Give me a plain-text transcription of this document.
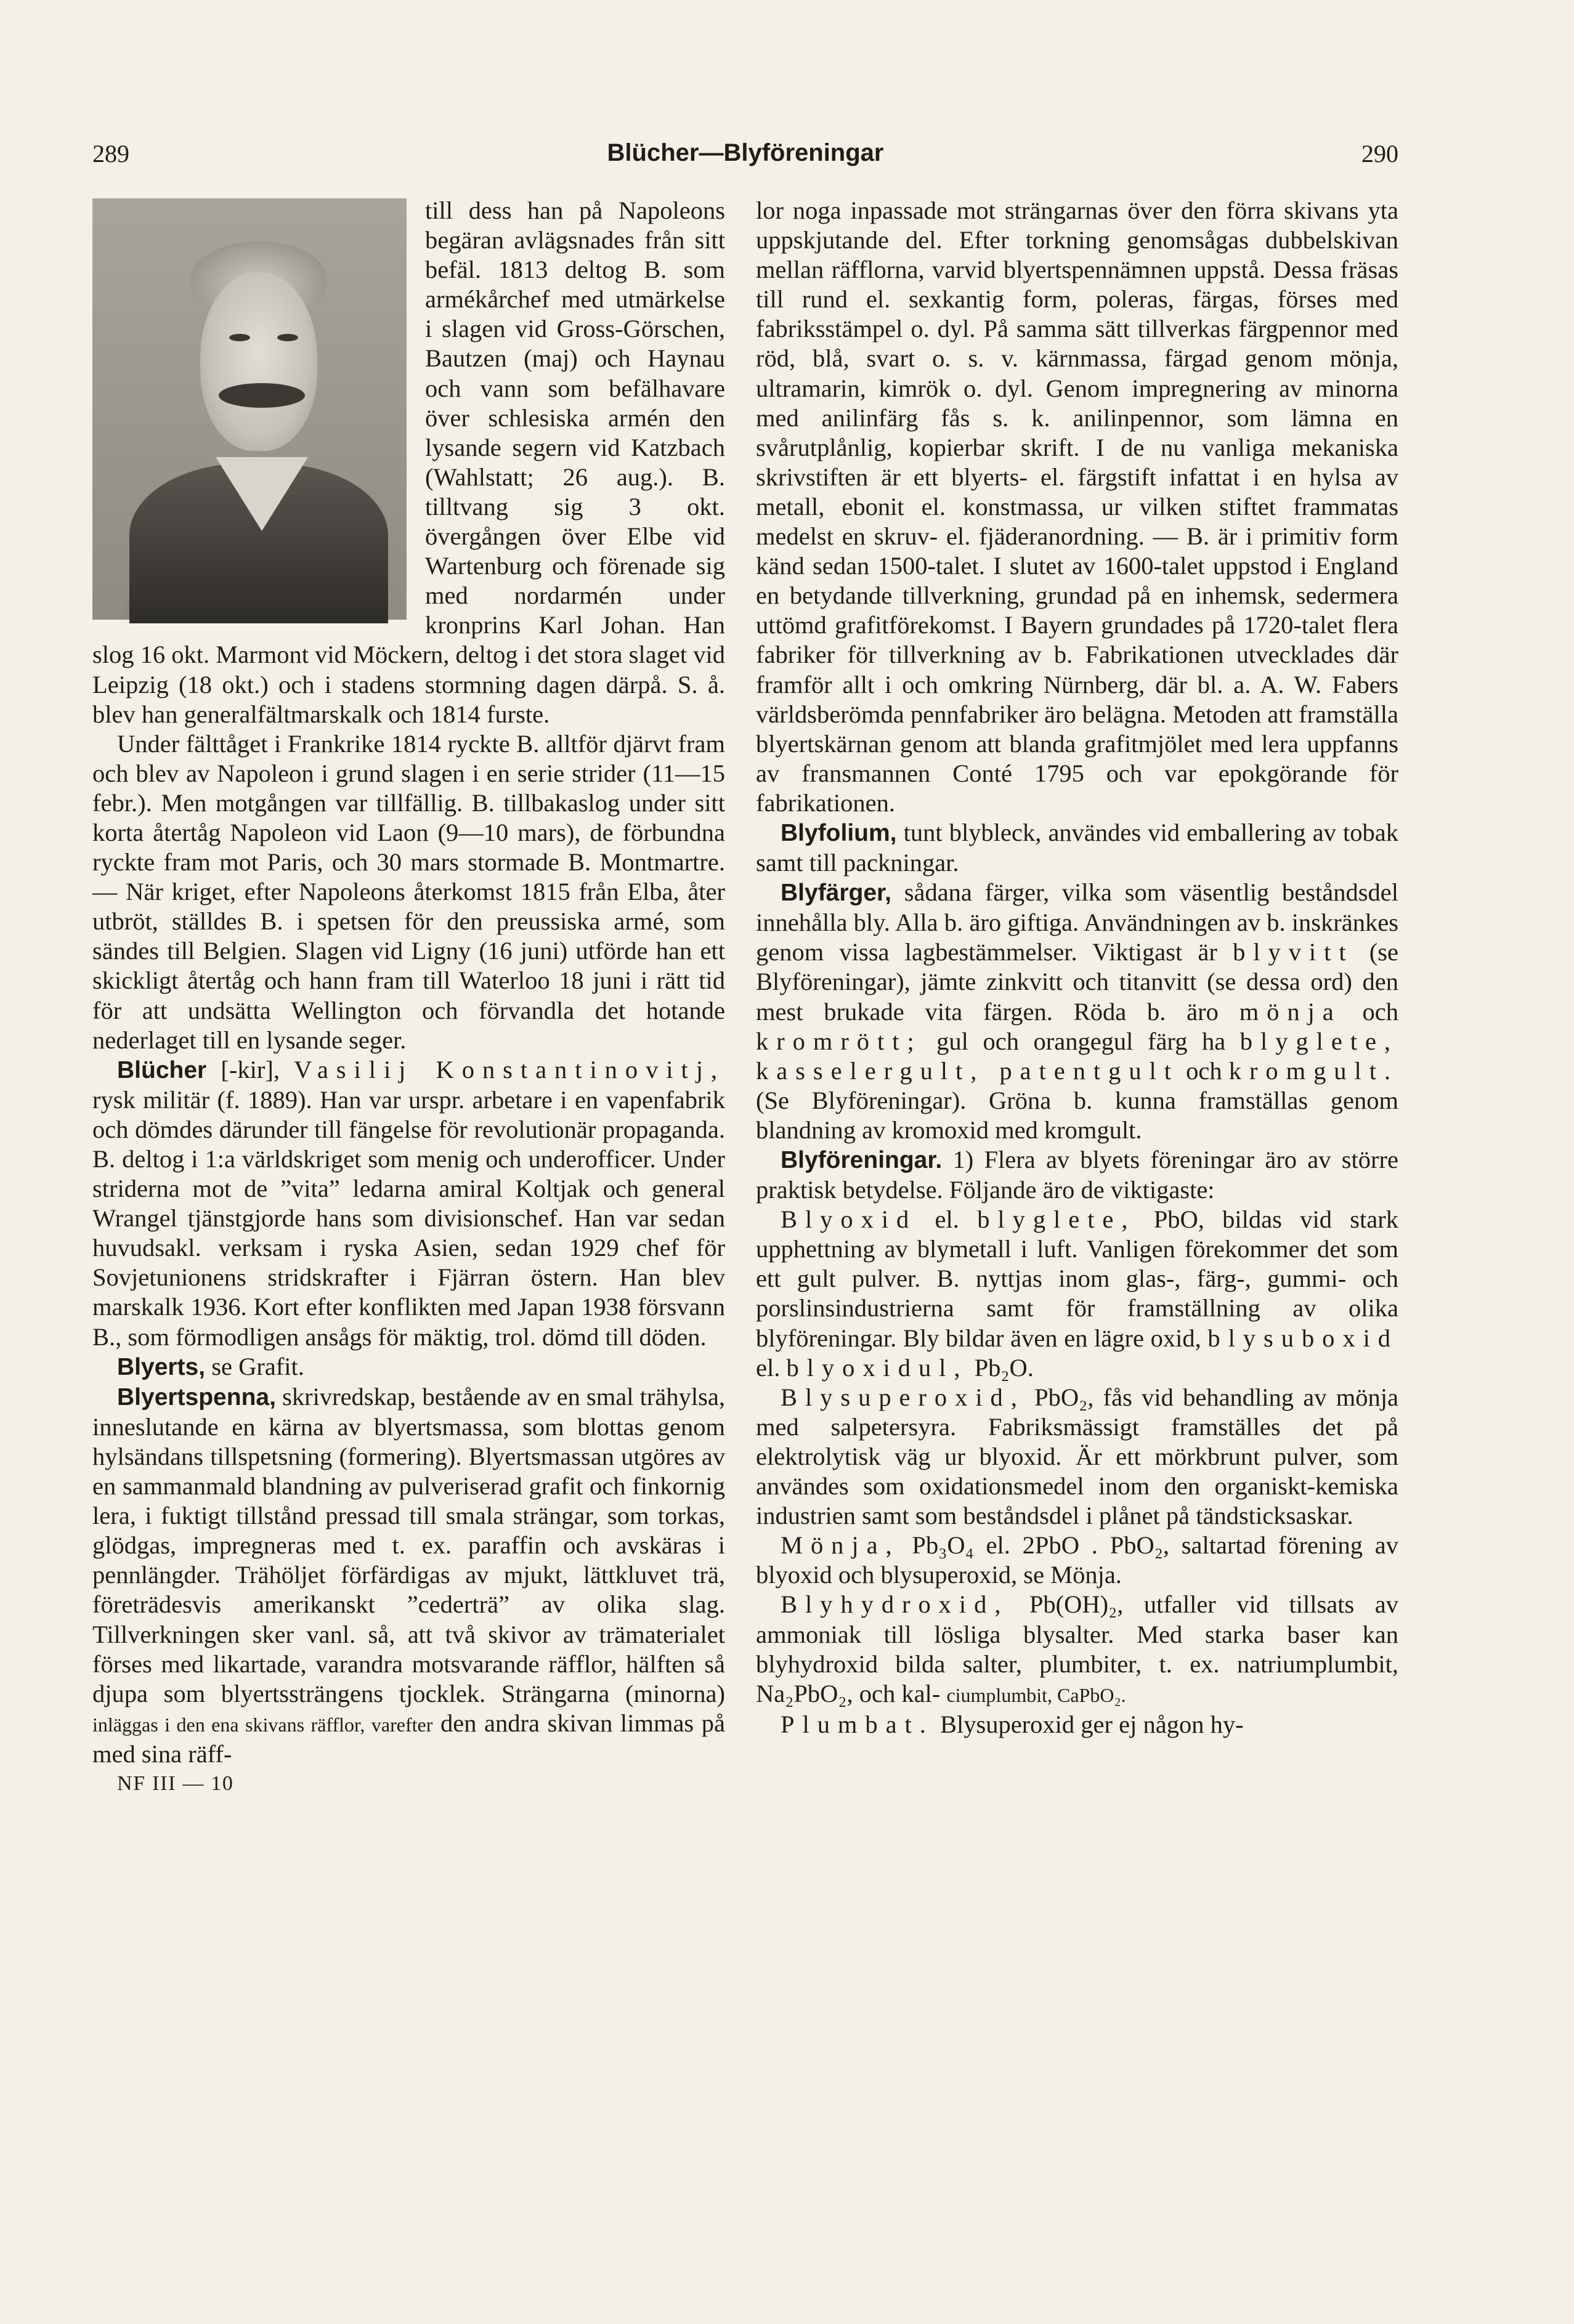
289	Blücher—Blyföreningar	290

till dess han på Napoleons begäran avlägsnades från sitt befäl. 1813 deltog B. som armékårchef med utmärkelse i slagen vid Gross-Görschen, Bautzen (maj) och Haynau och vann som befälhavare över schlesiska armén den lysande segern vid Katzbach (Wahlstatt; 26 aug.). B. tilltvang sig 3 okt. övergången över Elbe vid Wartenburg och förenade sig med nordarmén under kronprins Karl Johan. Han slog 16 okt. Marmont vid Möckern, deltog i det stora slaget vid Leipzig (18 okt.) och i stadens stormning dagen därpå. S. å. blev han generalfältmarskalk och 1814 furste.

Under fälttåget i Frankrike 1814 ryckte B. alltför djärvt fram och blev av Napoleon i grund slagen i en serie strider (11—15 febr.). Men motgången var tillfällig. B. tillbakaslog under sitt korta återtåg Napoleon vid Laon (9—10 mars), de förbundna ryckte fram mot Paris, och 30 mars stormade B. Montmartre. — När kriget, efter Napoleons återkomst 1815 från Elba, åter utbröt, ställdes B. i spetsen för den preussiska armé, som sändes till Belgien. Slagen vid Ligny (16 juni) utförde han ett skickligt återtåg och hann fram till Waterloo 18 juni i rätt tid för att undsätta Wellington och förvandla det hotande nederlaget till en lysande seger.

Blücher [-kir], Vasilij Konstantinovitj, rysk militär (f. 1889). Han var urspr. arbetare i en vapenfabrik och dömdes därunder till fängelse för revolutionär propaganda. B. deltog i 1:a världskriget som menig och underofficer. Under striderna mot de ”vita” ledarna amiral Koltjak och general Wrangel tjänstgjorde hans som divisionschef. Han var sedan huvudsakl. verksam i ryska Asien, sedan 1929 chef för Sovjetunionens stridskrafter i Fjärran östern. Han blev marskalk 1936. Kort efter konflikten med Japan 1938 försvann B., som förmodligen ansågs för mäktig, trol. dömd till döden.

Blyerts, se Grafit.

Blyertspenna, skrivredskap, bestående av en smal trähylsa, inneslutande en kärna av blyertsmassa, som blottas genom hylsändans tillspetsning (formering). Blyertsmassan utgöres av en sammanmald blandning av pulveriserad grafit och finkornig lera, i fuktigt tillstånd pressad till smala strängar, som torkas, glödgas, impregneras med t. ex. paraffin och avskäras i pennlängder. Trähöljet förfärdigas av mjukt, lättkluvet trä, företrädesvis amerikanskt ”cederträ” av olika slag. Tillverkningen sker vanl. så, att två skivor av trämaterialet förses med likartade, varandra motsvarande räfflor, hälften så djupa som blyertssträngens tjocklek. Strängarna (minorna) inläggas i den ena skivans räfflor, varefter den andra skivan limmas på med sina räff-

NF III — 10

lor noga inpassade mot strängarnas över den förra skivans yta uppskjutande del. Efter torkning genomsågas dubbelskivan mellan räfflorna, varvid blyertspennämnen uppstå. Dessa fräsas till rund el. sexkantig form, poleras, färgas, förses med fabriksstämpel o. dyl. På samma sätt tillverkas färgpennor med röd, blå, svart o. s. v. kärnmassa, färgad genom mönja, ultramarin, kimrök o. dyl. Genom impregnering av minorna med anilinfärg fås s. k. anilinpennor, som lämna en svårutplånlig, kopierbar skrift. I de nu vanliga mekaniska skrivstiften är ett blyerts- el. färgstift infattat i en hylsa av metall, ebonit el. konstmassa, ur vilken stiftet frammatas medelst en skruv- el. fjäderanordning. — B. är i primitiv form känd sedan 1500-talet. I slutet av 1600-talet uppstod i England en betydande tillverkning, grundad på en inhemsk, sedermera uttömd grafitförekomst. I Bayern grundades på 1720-talet flera fabriker för tillverkning av b. Fabrikationen utvecklades där framför allt i och omkring Nürnberg, där bl. a. A. W. Fabers världsberömda pennfabriker äro belägna. Metoden att framställa blyertskärnan genom att blanda grafitmjölet med lera uppfanns av fransmannen Conté 1795 och var epokgörande för fabrikationen.

Blyfolium, tunt blybleck, användes vid emballering av tobak samt till packningar.

Blyfärger, sådana färger, vilka som väsentlig beståndsdel innehålla bly. Alla b. äro giftiga. Användningen av b. inskränkes genom vissa lagbestämmelser. Viktigast är blyvitt (se Blyföreningar), jämte zinkvitt och titanvitt (se dessa ord) den mest brukade vita färgen. Röda b. äro mönja och kromrött; gul och orangegul färg ha blyglete, kasselergult, patentgult och kromgult. (Se Blyföreningar). Gröna b. kunna framställas genom blandning av kromoxid med kromgult.

Blyföreningar. 1) Flera av blyets föreningar äro av större praktisk betydelse. Följande äro de viktigaste:

Blyoxid el. blyglete, PbO, bildas vid stark upphettning av blymetall i luft. Vanligen förekommer det som ett gult pulver. B. nyttjas inom glas-, färg-, gummi- och porslinsindustrierna samt för framställning av olika blyföreningar. Bly bildar även en lägre oxid, blysuboxid el. blyoxidul, Pb₂O.

Blysuperoxid, PbO₂, fås vid behandling av mönja med salpetersyra. Fabriksmässigt framställes det på elektrolytisk väg ur blyoxid. Är ett mörkbrunt pulver, som användes som oxidationsmedel inom den organiskt-kemiska industrien samt som beståndsdel i plånet på tändsticksaskar.

Mönja, Pb₃O₄ el. 2PbO . PbO₂, saltartad förening av blyoxid och blysuperoxid, se Mönja.

Blyhydroxid, Pb(OH)₂, utfaller vid tillsats av ammoniak till lösliga blysalter. Med starka baser kan blyhydroxid bilda salter, plumbiter, t. ex. natriumplumbit, Na₂PbO₂, och kal- ciumplumbit, CaPbO₂.

Plumbat. Blysuperoxid ger ej någon hy-
